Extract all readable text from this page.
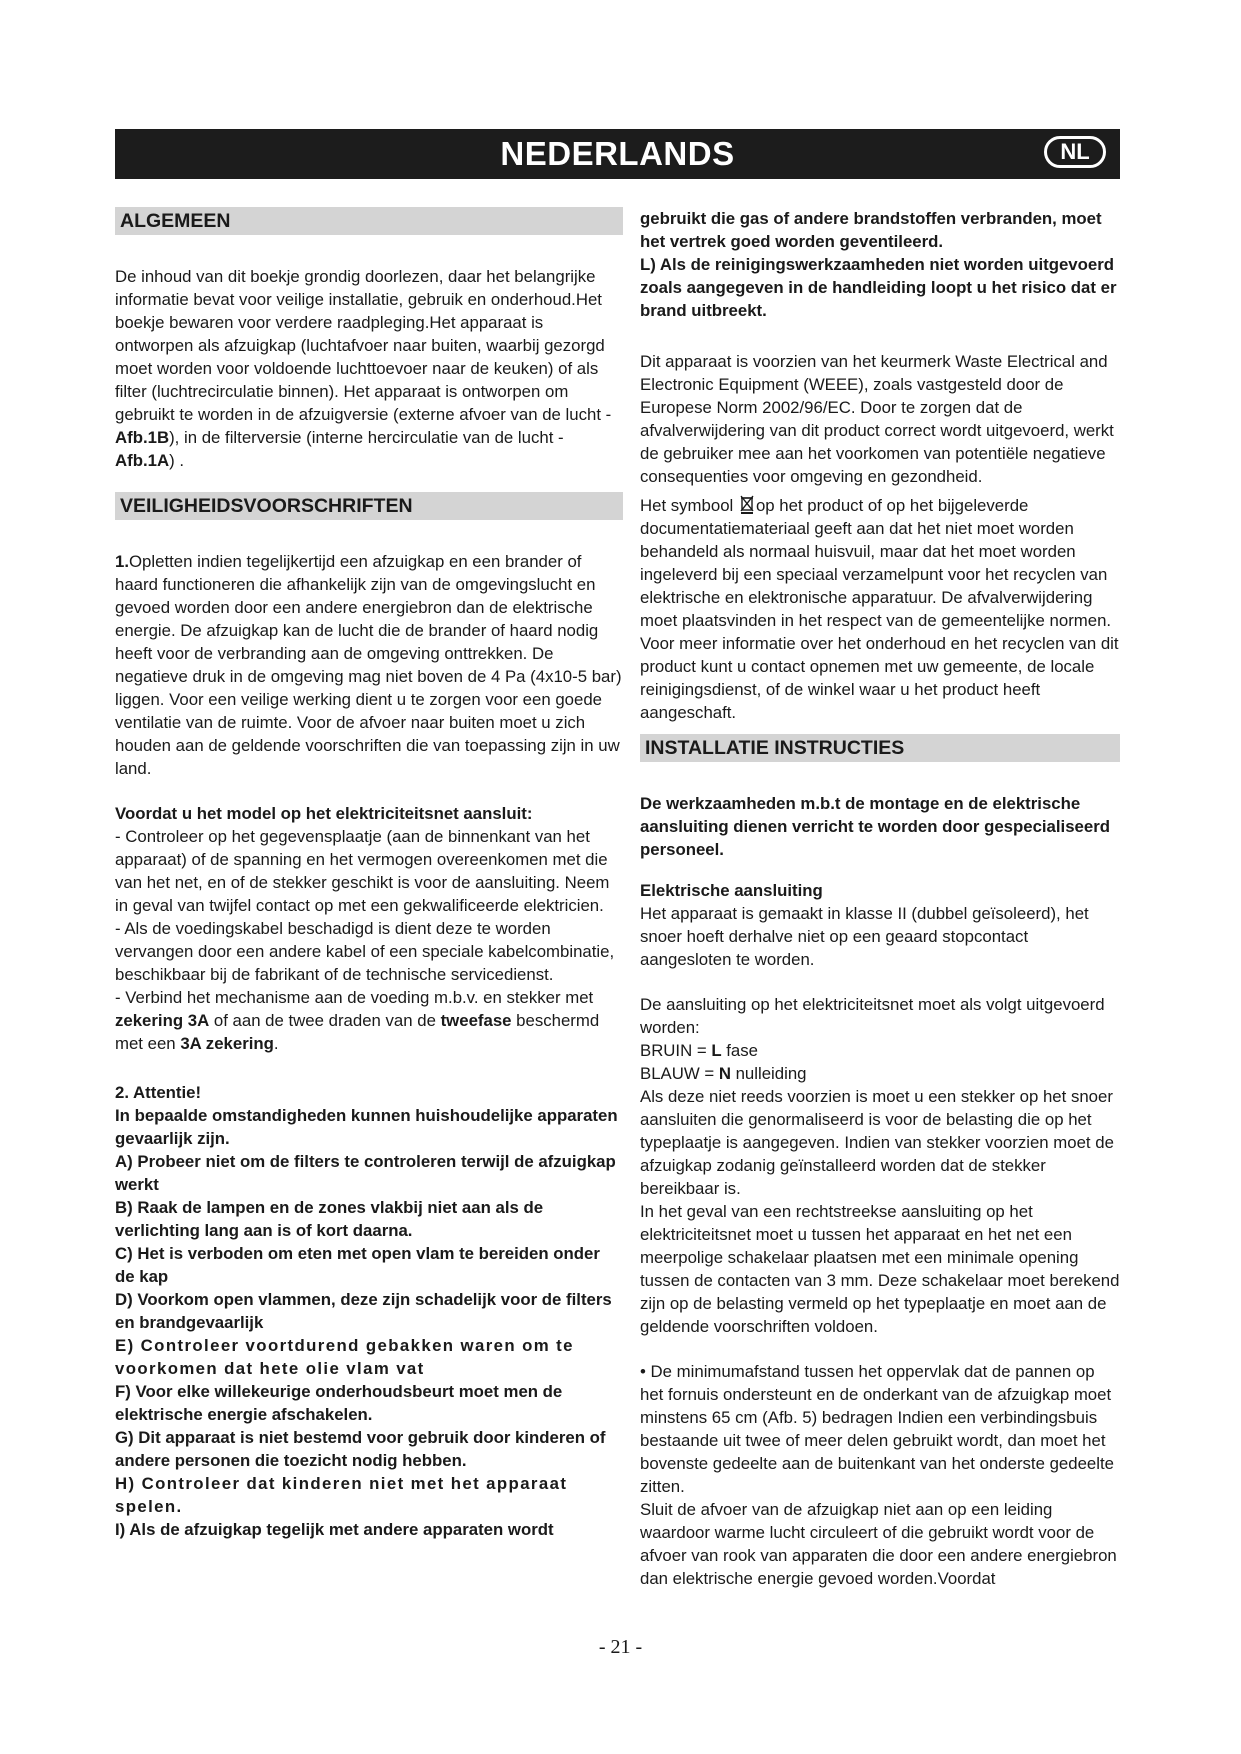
NEDERLANDS	NL
ALGEMEEN

De inhoud van dit boekje grondig doorlezen, daar het belangrijke informatie bevat voor veilige installatie, gebruik en onderhoud.Het boekje bewaren voor verdere raadpleging.Het apparaat is ontworpen als afzuigkap (luchtafvoer naar buiten, waarbij gezorgd moet worden voor voldoende luchttoevoer naar de keuken) of als filter (luchtrecirculatie binnen). Het apparaat is ontworpen om gebruikt te worden in de afzuigversie (externe afvoer van de lucht - Afb.1B), in de filterversie (interne hercirculatie van de lucht - Afb.1A) .

VEILIGHEIDSVOORSCHRIFTEN

1.Opletten indien tegelijkertijd een afzuigkap en een brander of haard functioneren die afhankelijk zijn van de omgevingslucht en gevoed worden door een andere energiebron dan de elektrische energie. De afzuigkap kan de lucht die de brander of haard nodig heeft voor de verbranding aan de omgeving onttrekken. De negatieve druk in de omgeving mag niet boven de 4 Pa (4x10-5 bar) liggen. Voor een veilige werking dient u te zorgen voor een goede ventilatie van de ruimte. Voor de afvoer naar buiten moet u zich houden aan de geldende voorschriften die van toepassing zijn in uw land.

Voordat u het model op het elektriciteitsnet aansluit:

- Controleer op het gegevensplaatje (aan de binnenkant van het apparaat) of de spanning en het vermogen overeenkomen met die van het net, en of de stekker geschikt is voor de aansluiting. Neem in geval van twijfel contact op met een gekwalificeerde elektricien.

- Als de voedingskabel beschadigd is dient deze te worden vervangen door een andere kabel of een speciale kabelcombinatie, beschikbaar bij de fabrikant of de technische servicedienst.

- Verbind het mechanisme aan de voeding m.b.v. en stekker met zekering 3A of aan de twee draden van de tweefase beschermd met een 3A zekering.

2. Attentie!

In bepaalde omstandigheden kunnen huishoudelijke apparaten gevaarlijk zijn.

A) Probeer niet om de filters te controleren terwijl de afzuigkap werkt

B) Raak de lampen en de zones vlakbij niet aan als de verlichting lang aan is of kort daarna.

C) Het is verboden om eten met open vlam te bereiden onder de kap

D) Voorkom open vlammen, deze zijn schadelijk voor de filters en brandgevaarlijk

E) Controleer voortdurend gebakken waren om te voorkomen dat hete olie vlam vat

F) Voor elke willekeurige onderhoudsbeurt moet men de elektrische energie afschakelen.

G) Dit apparaat is niet bestemd voor gebruik door kinderen of andere personen die toezicht nodig hebben.

H) Controleer dat kinderen niet met het apparaat spelen.

I) Als de afzuigkap tegelijk met andere apparaten wordt

gebruikt die gas of andere brandstoffen verbranden, moet het vertrek goed worden geventileerd.

L) Als de reinigingswerkzaamheden niet worden uitgevoerd zoals aangegeven in de handleiding loopt u het risico dat er brand uitbreekt.

Dit apparaat is voorzien van het keurmerk Waste Electrical and Electronic Equipment (WEEE), zoals vastgesteld door de Europese Norm 2002/96/EC. Door te zorgen dat de afvalverwijdering van dit product correct wordt uitgevoerd, werkt de gebruiker mee aan het voorkomen van potentiële negatieve consequenties voor omgeving en gezondheid.

Het symbool op het product of op het bijgeleverde documentatiemateriaal geeft aan dat het niet moet worden behandeld als normaal huisvuil, maar dat het moet worden ingeleverd bij een speciaal verzamelpunt voor het recyclen van elektrische en elektronische apparatuur. De afvalverwijdering moet plaatsvinden in het respect van de gemeentelijke normen. Voor meer informatie over het onderhoud en het recyclen van dit product kunt u contact opnemen met uw gemeente, de locale reinigingsdienst, of de winkel waar u het product heeft aangeschaft.

INSTALLATIE INSTRUCTIES

De werkzaamheden m.b.t de montage en de elektrische aansluiting dienen verricht te worden door gespecialiseerd personeel.

Elektrische aansluiting

Het apparaat is gemaakt in klasse II (dubbel geïsoleerd), het snoer hoeft derhalve niet op een geaard stopcontact aangesloten te worden.

De aansluiting op het elektriciteitsnet moet als volgt uitgevoerd worden:

BRUIN = L fase

BLAUW = N nulleiding

Als deze niet reeds voorzien is moet u een stekker op het snoer aansluiten die genormaliseerd is voor de belasting die op het typeplaatje is aangegeven. Indien van stekker voorzien moet de afzuigkap zodanig geïnstalleerd worden dat de stekker bereikbaar is.

In het geval van een rechtstreekse aansluiting op het elektriciteitsnet moet u tussen het apparaat en het net een meerpolige schakelaar plaatsen met een minimale opening tussen de contacten van 3 mm. Deze schakelaar moet berekend zijn op de belasting vermeld op het typeplaatje en moet aan de geldende voorschriften voldoen.

• De minimumafstand tussen het oppervlak dat de pannen op het fornuis ondersteunt en de onderkant van de afzuigkap moet minstens 65 cm (Afb. 5) bedragen Indien een verbindingsbuis bestaande uit twee of meer delen gebruikt wordt, dan moet het bovenste gedeelte aan de buitenkant van het onderste gedeelte zitten.

Sluit de afvoer van de afzuigkap niet aan op een leiding waardoor warme lucht circuleert of die gebruikt wordt voor de afvoer van rook van apparaten die door een andere energiebron dan elektrische energie gevoed worden.Voordat

- 21 -
